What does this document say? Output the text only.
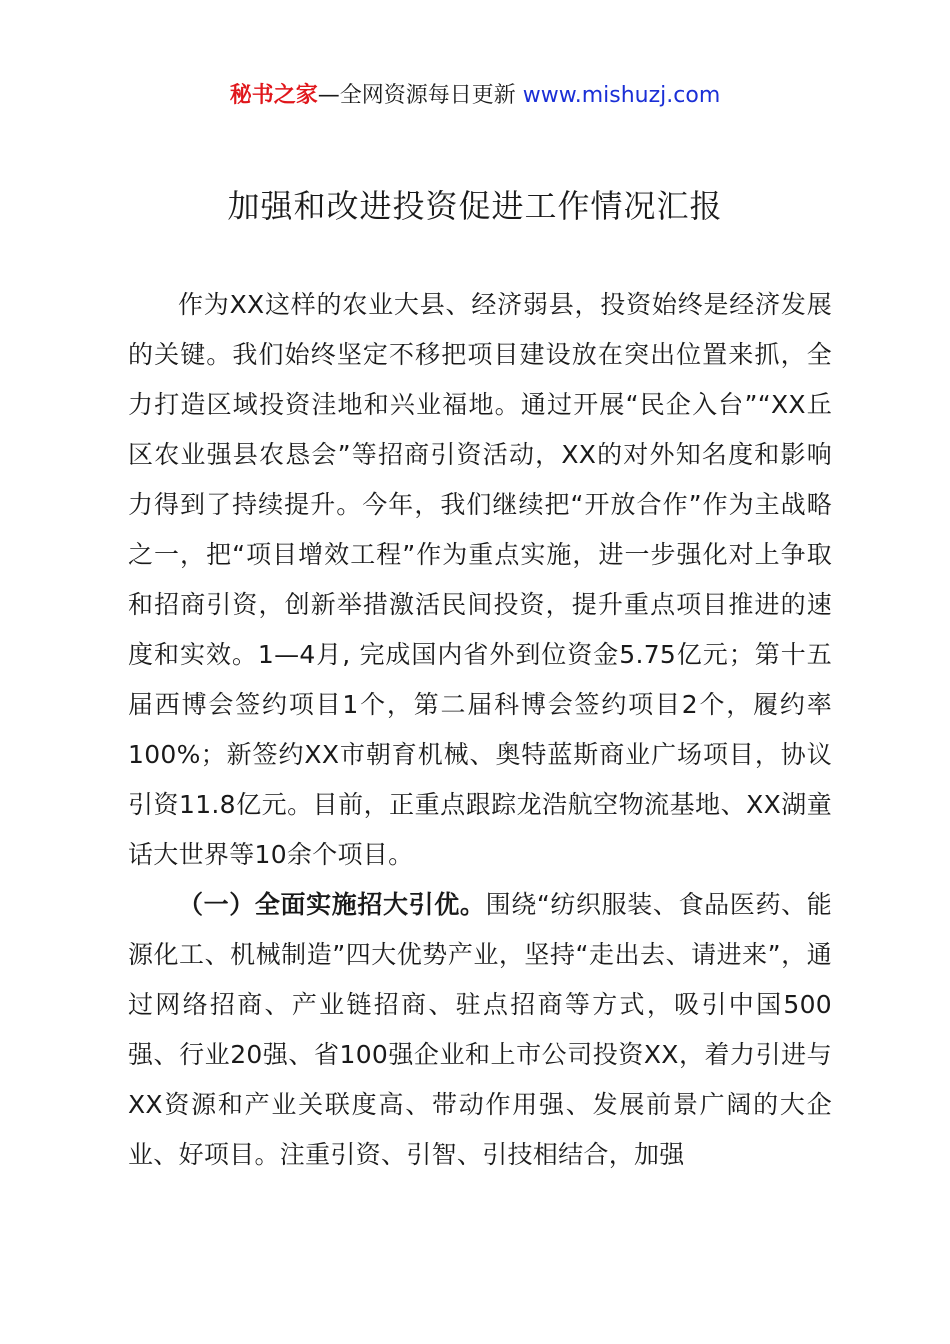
秘书之家—全网资源每日更新 www.mishuzj.com
加强和改进投资促进工作情况汇报

作为XX这样的农业大县、经济弱县，投资始终是经济发展的关键。我们始终坚定不移把项目建设放在突出位置来抓，全力打造区域投资洼地和兴业福地。通过开展“民企入台”“XX丘区农业强县农恳会”等招商引资活动，XX的对外知名度和影响力得到了持续提升。今年，我们继续把“开放合作”作为主战略之一，把“项目增效工程”作为重点实施，进一步强化对上争取和招商引资，创新举措激活民间投资，提升重点项目推进的速度和实效。1—4月, 完成国内省外到位资金5.75亿元；第十五届西博会签约项目1个，第二届科博会签约项目2个，履约率100%；新签约XX市朝育机械、奥特蓝斯商业广场项目，协议引资11.8亿元。目前，正重点跟踪龙浩航空物流基地、XX湖童话大世界等10余个项目。

（一）全面实施招大引优。围绕“纺织服装、食品医药、能源化工、机械制造”四大优势产业，坚持“走出去、请进来”，通过网络招商、产业链招商、驻点招商等方式，吸引中国500强、行业20强、省100强企业和上市公司投资XX，着力引进与XX资源和产业关联度高、带动作用强、发展前景广阔的大企业、好项目。注重引资、引智、引技相结合，加强
